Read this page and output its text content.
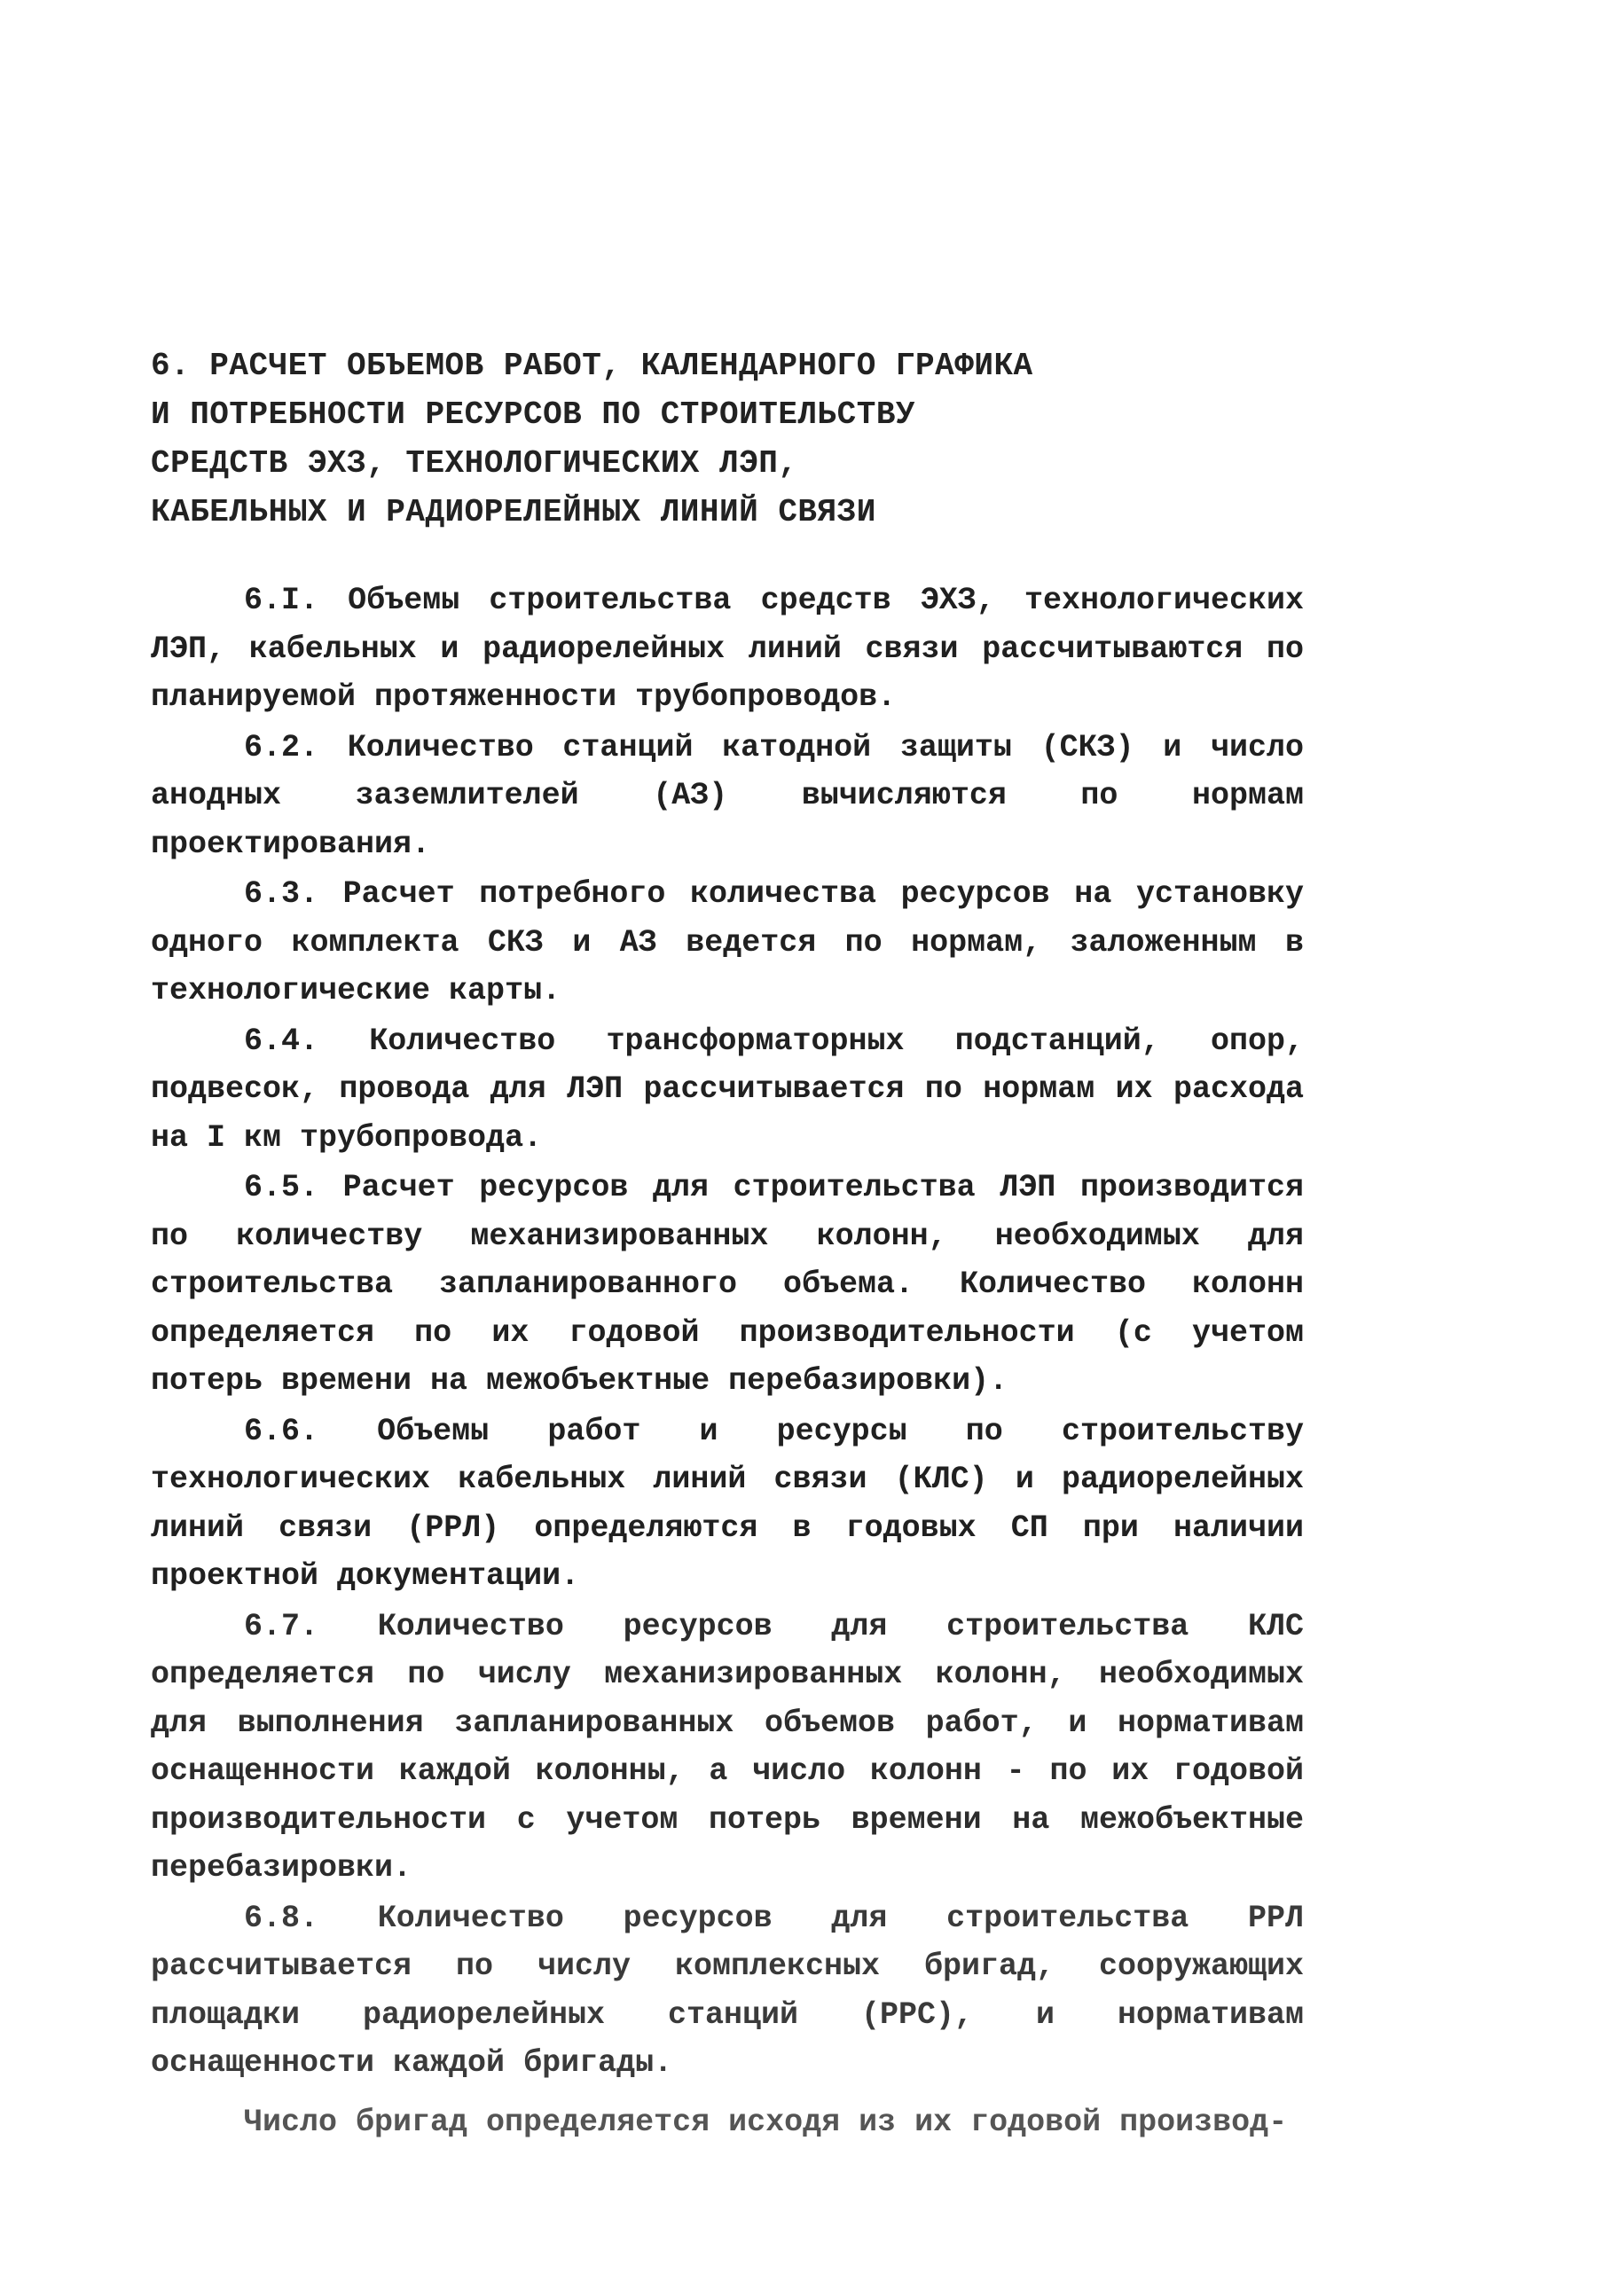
6. РАСЧЕТ ОБЪЕМОВ РАБОТ, КАЛЕНДАРНОГО ГРАФИКА
И ПОТРЕБНОСТИ РЕСУРСОВ ПО СТРОИТЕЛЬСТВУ
СРЕДСТВ ЭХЗ, ТЕХНОЛОГИЧЕСКИХ ЛЭП,
КАБЕЛЬНЫХ И РАДИОРЕЛЕЙНЫХ ЛИНИЙ СВЯЗИ

6.I. Объемы строительства средств ЭХЗ, технологических ЛЭП, кабельных и радиорелейных линий связи рассчитываются по планируемой протяженности трубопроводов.

6.2. Количество станций катодной защиты (СКЗ) и число анодных заземлителей (АЗ) вычисляются по нормам проектирования.

6.3. Расчет потребного количества ресурсов на установку одного комплекта СКЗ и АЗ ведется по нормам, заложенным в технологические карты.

6.4. Количество трансформаторных подстанций, опор, подвесок, провода для ЛЭП рассчитывается по нормам их расхода на I км трубопровода.

6.5. Расчет ресурсов для строительства ЛЭП производится по количеству механизированных колонн, необходимых для строительства запланированного объема. Количество колонн определяется по их годовой производительности (с учетом потерь времени на межобъектные перебазировки).

6.6. Объемы работ и ресурсы по строительству технологических кабельных линий связи (КЛС) и радиорелейных линий связи (РРЛ) определяются в годовых СП при наличии проектной документации.

6.7. Количество ресурсов для строительства КЛС определяется по числу механизированных колонн, необходимых для выполнения запланированных объемов работ, и нормативам оснащенности каждой колонны, а число колонн - по их годовой производительности с учетом потерь времени на межобъектные перебазировки.

6.8. Количество ресурсов для строительства РРЛ рассчитывается по числу комплексных бригад, сооружающих площадки радиорелейных станций (РРС), и нормативам оснащенности каждой бригады.

Число бригад определяется исходя из их годовой производ-
